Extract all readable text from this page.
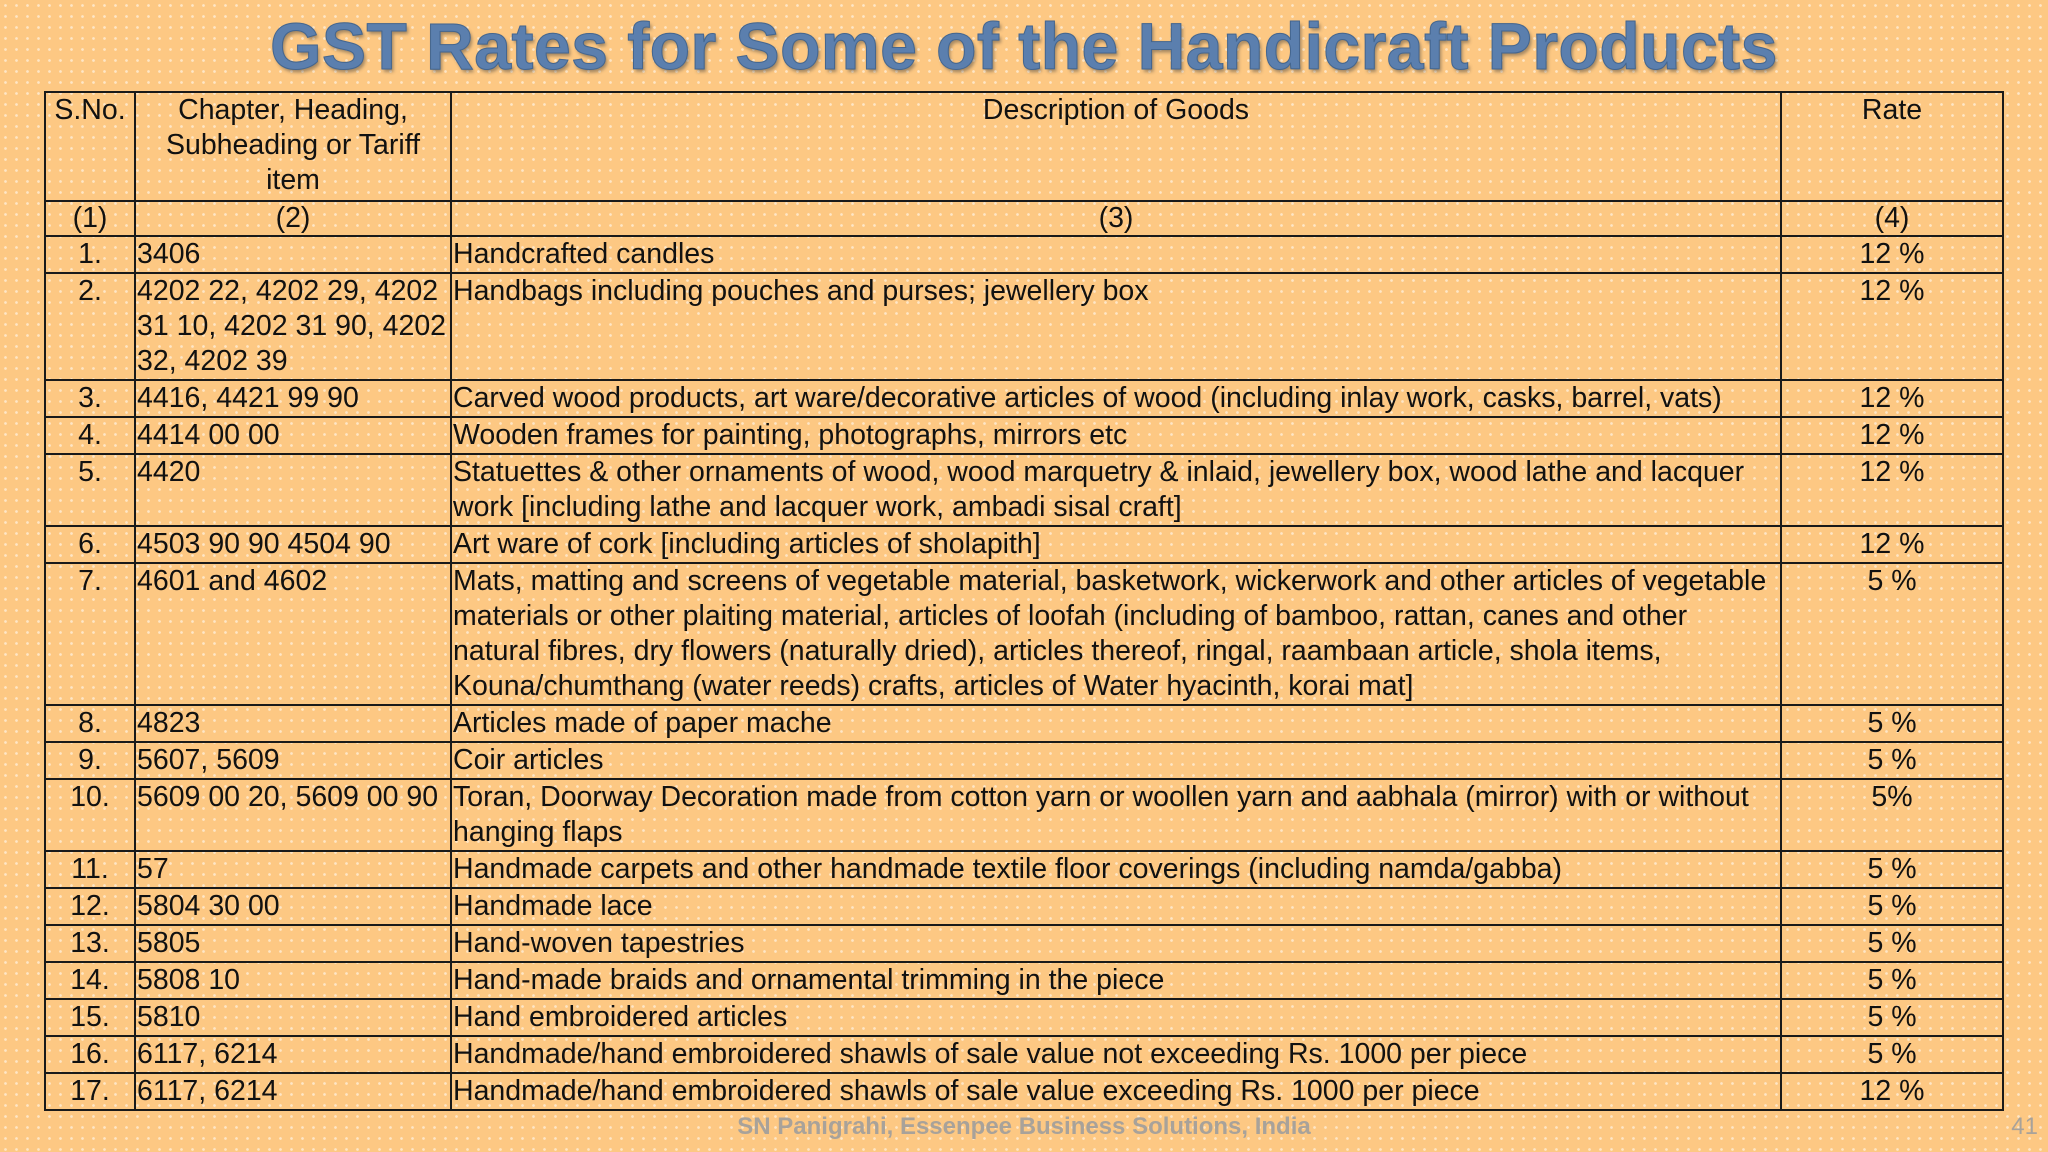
GST Rates for Some of the Handicraft Products
S.No.	Chapter, Heading, Subheading or Tariff item	Description of Goods	Rate
(1)	(2)	(3)	(4)
1.	3406	Handcrafted candles	12 %
2.	4202 22, 4202 29, 4202 31 10, 4202 31 90, 4202 32, 4202 39	Handbags including pouches and purses; jewellery box	12 %
3.	4416, 4421 99 90	Carved wood products, art ware/decorative articles of wood (including inlay work, casks, barrel, vats)	12 %
4.	4414 00 00	Wooden frames for painting, photographs, mirrors etc	12 %
5.	4420	Statuettes & other ornaments of wood, wood marquetry & inlaid, jewellery box, wood lathe and lacquer work [including lathe and lacquer work, ambadi sisal craft]	12 %
6.	4503 90 90 4504 90	Art ware of cork [including articles of sholapith]	12 %
7.	4601 and 4602	Mats, matting and screens of vegetable material, basketwork, wickerwork and other articles of vegetable materials or other plaiting material, articles of loofah (including of bamboo, rattan, canes and other natural fibres, dry flowers (naturally dried), articles thereof, ringal, raambaan article, shola items, Kouna/chumthang (water reeds) crafts, articles of Water hyacinth, korai mat]	5 %
8.	4823	Articles made of paper mache	5 %
9.	5607, 5609	Coir articles	5 %
10.	5609 00 20, 5609 00 90	Toran, Doorway Decoration made from cotton yarn or woollen yarn and aabhala (mirror) with or without hanging flaps	5%
11.	57	Handmade carpets and other handmade textile floor coverings (including namda/gabba)	5 %
12.	5804 30 00	Handmade lace	5 %
13.	5805	Hand-woven tapestries	5 %
14.	5808 10	Hand-made braids and ornamental trimming in the piece	5 %
15.	5810	Hand embroidered articles	5 %
16.	6117, 6214	Handmade/hand embroidered shawls of sale value not exceeding Rs. 1000 per piece	5 %
17.	6117, 6214	Handmade/hand embroidered shawls of sale value exceeding Rs. 1000 per piece	12 %
SN Panigrahi, Essenpee Business Solutions, India	41
